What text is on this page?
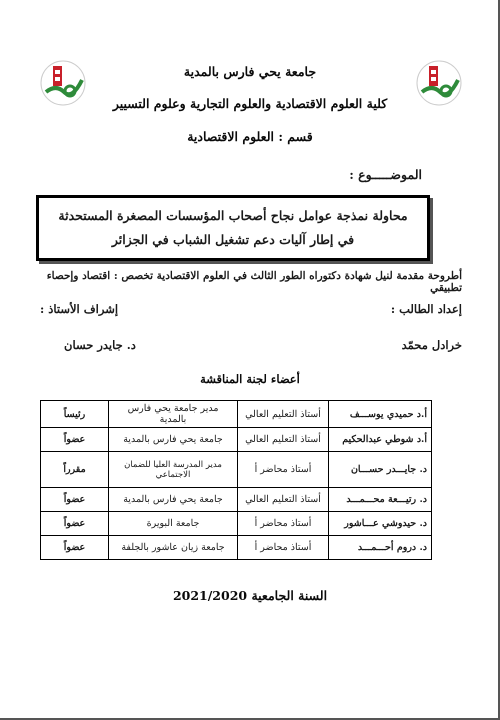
جامعة يحي فارس بالمدية
كلية العلوم الاقتصادية والعلوم التجارية وعلوم التسيير
قسم : العلوم الاقتصادية
الموضـــــوع :
محاولة نمذجة عوامل نجاح أصحاب المؤسسات المصغرة المستحدثة في إطار آليات دعم تشغيل الشباب في الجزائر
أطروحة مقدمة لنيل شهادة دكتوراه الطور الثالث في العلوم الاقتصادية تخصص : اقتصاد وإحصاء تطبيقي
إعداد الطالب :
إشراف الأستاذ :
خرادل محمّد
د. جايدر حسان
أعضاء لجنة المناقشة
أ.د حميدي يوســـف	أستاذ التعليم العالي	مدير جامعة يحي فارس بالمدية	رئيساً
أ.د شوطي عبدالحكيم	أستاذ التعليم العالي	جامعة يحي فارس بالمدية	عضواً
د. جايـــدر حســـان	أستاذ محاضر أ	مدير المدرسة العليا للضمان الاجتماعي	مقرراً
د. رتيـــعة محـــمـــد	أستاذ التعليم العالي	جامعة يحي فارس بالمدية	عضواً
د. حيدوشي عـــاشور	أستاذ محاضر أ	جامعة البويرة	عضواً
د. دروم أحـــمـــد	أستاذ محاضر أ	جامعة زيان عاشور بالجلفة	عضواً
السنة الجامعية 2021/2020
